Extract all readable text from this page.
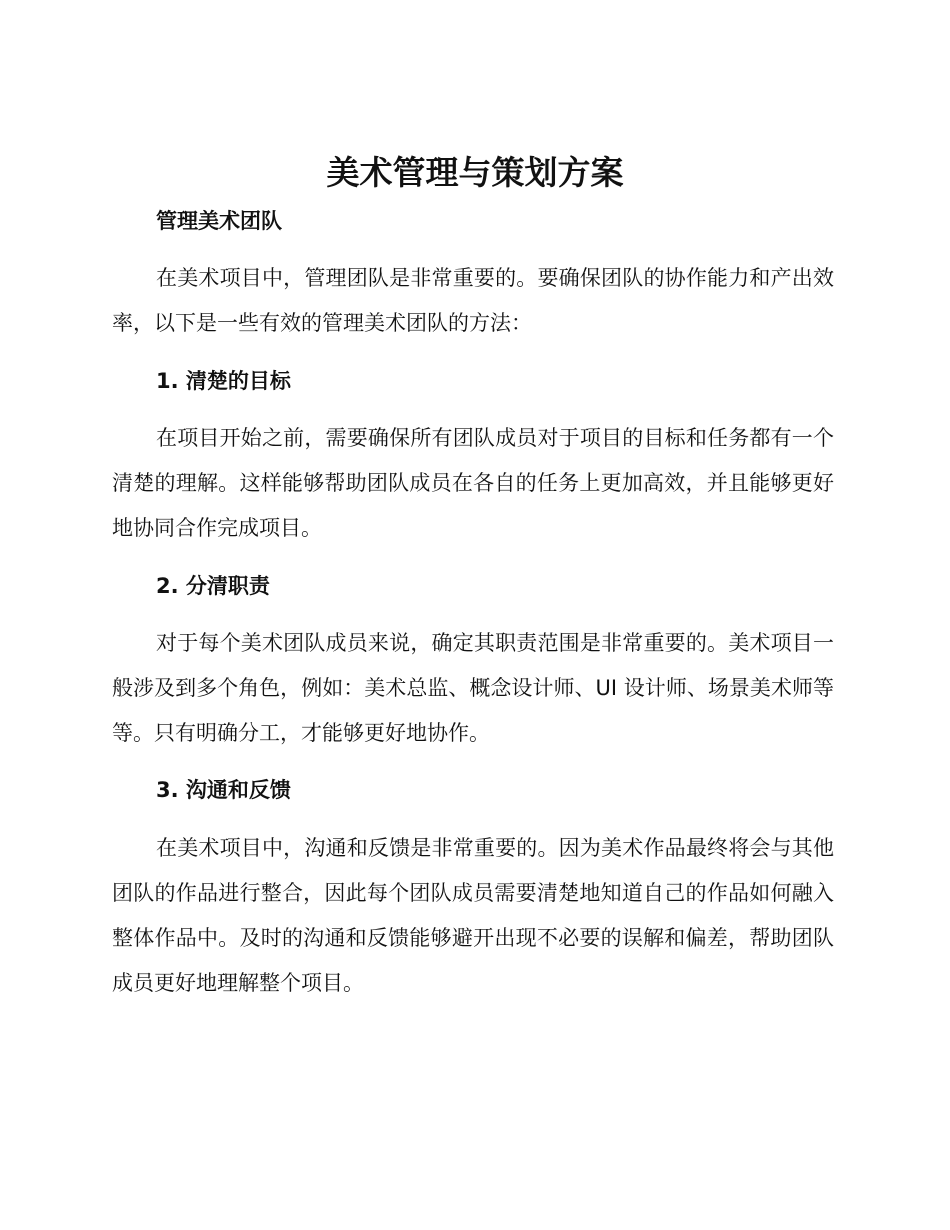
美术管理与策划方案
管理美术团队
在美术项目中，管理团队是非常重要的。要确保团队的协作能力和产出效率，以下是一些有效的管理美术团队的方法：
1. 清楚的目标
在项目开始之前，需要确保所有团队成员对于项目的目标和任务都有一个清楚的理解。这样能够帮助团队成员在各自的任务上更加高效，并且能够更好地协同合作完成项目。
2. 分清职责
对于每个美术团队成员来说，确定其职责范围是非常重要的。美术项目一般涉及到多个角色，例如：美术总监、概念设计师、UI 设计师、场景美术师等等。只有明确分工，才能够更好地协作。
3. 沟通和反馈
在美术项目中，沟通和反馈是非常重要的。因为美术作品最终将会与其他团队的作品进行整合，因此每个团队成员需要清楚地知道自己的作品如何融入整体作品中。及时的沟通和反馈能够避开出现不必要的误解和偏差，帮助团队成员更好地理解整个项目。
